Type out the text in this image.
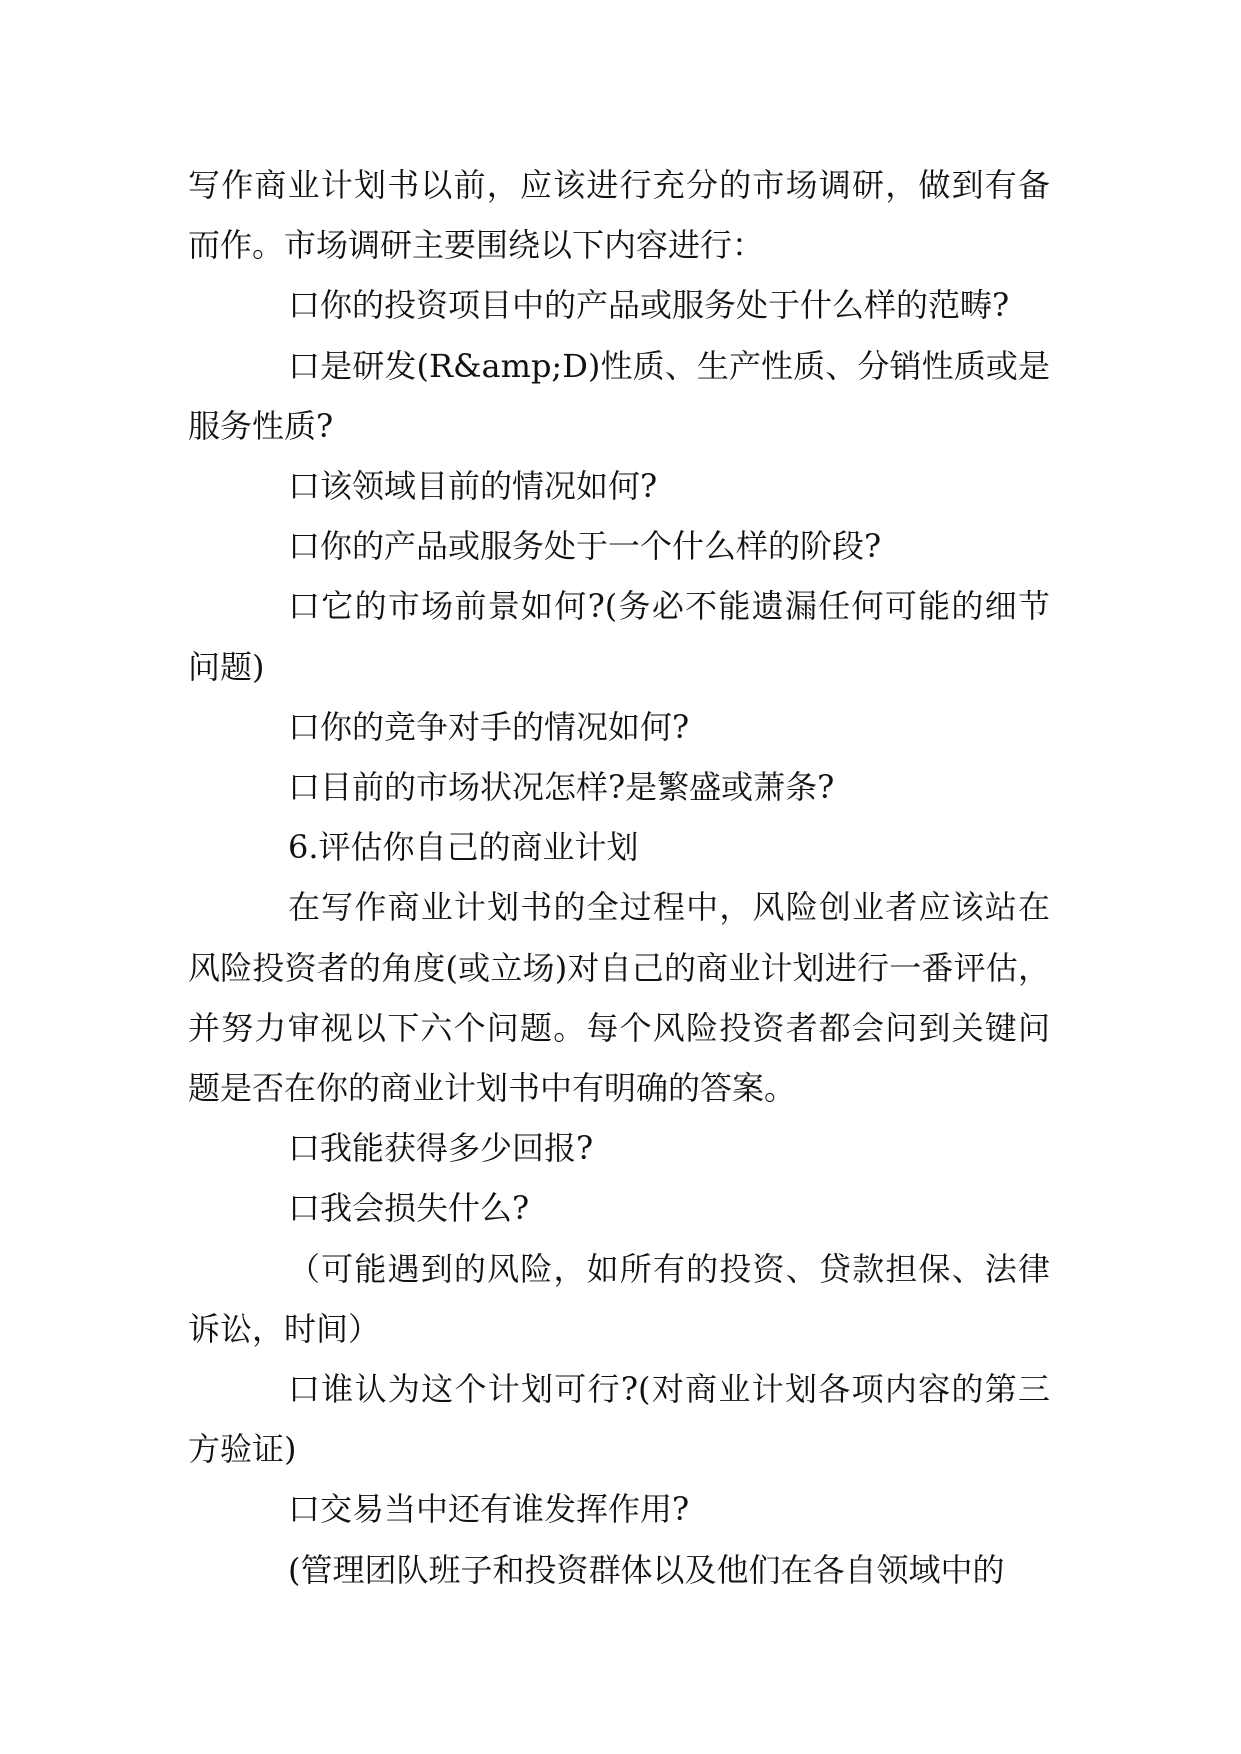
写作商业计划书以前，应该进行充分的市场调研，做到有备而作。市场调研主要围绕以下内容进行：

口你的投资项目中的产品或服务处于什么样的范畴?

口是研发(R&amp;D)性质、生产性质、分销性质或是服务性质?

口该领域目前的情况如何?

口你的产品或服务处于一个什么样的阶段?

口它的市场前景如何?(务必不能遗漏任何可能的细节问题)

口你的竞争对手的情况如何?

口目前的市场状况怎样?是繁盛或萧条?

6.评估你自己的商业计划

在写作商业计划书的全过程中，风险创业者应该站在风险投资者的角度(或立场)对自己的商业计划进行一番评估，并努力审视以下六个问题。每个风险投资者都会问到关键问题是否在你的商业计划书中有明确的答案。

口我能获得多少回报?

口我会损失什么?

（可能遇到的风险，如所有的投资、贷款担保、法律诉讼，时间）

口谁认为这个计划可行?(对商业计划各项内容的第三方验证)

口交易当中还有谁发挥作用?

(管理团队班子和投资群体以及他们在各自领域中的
